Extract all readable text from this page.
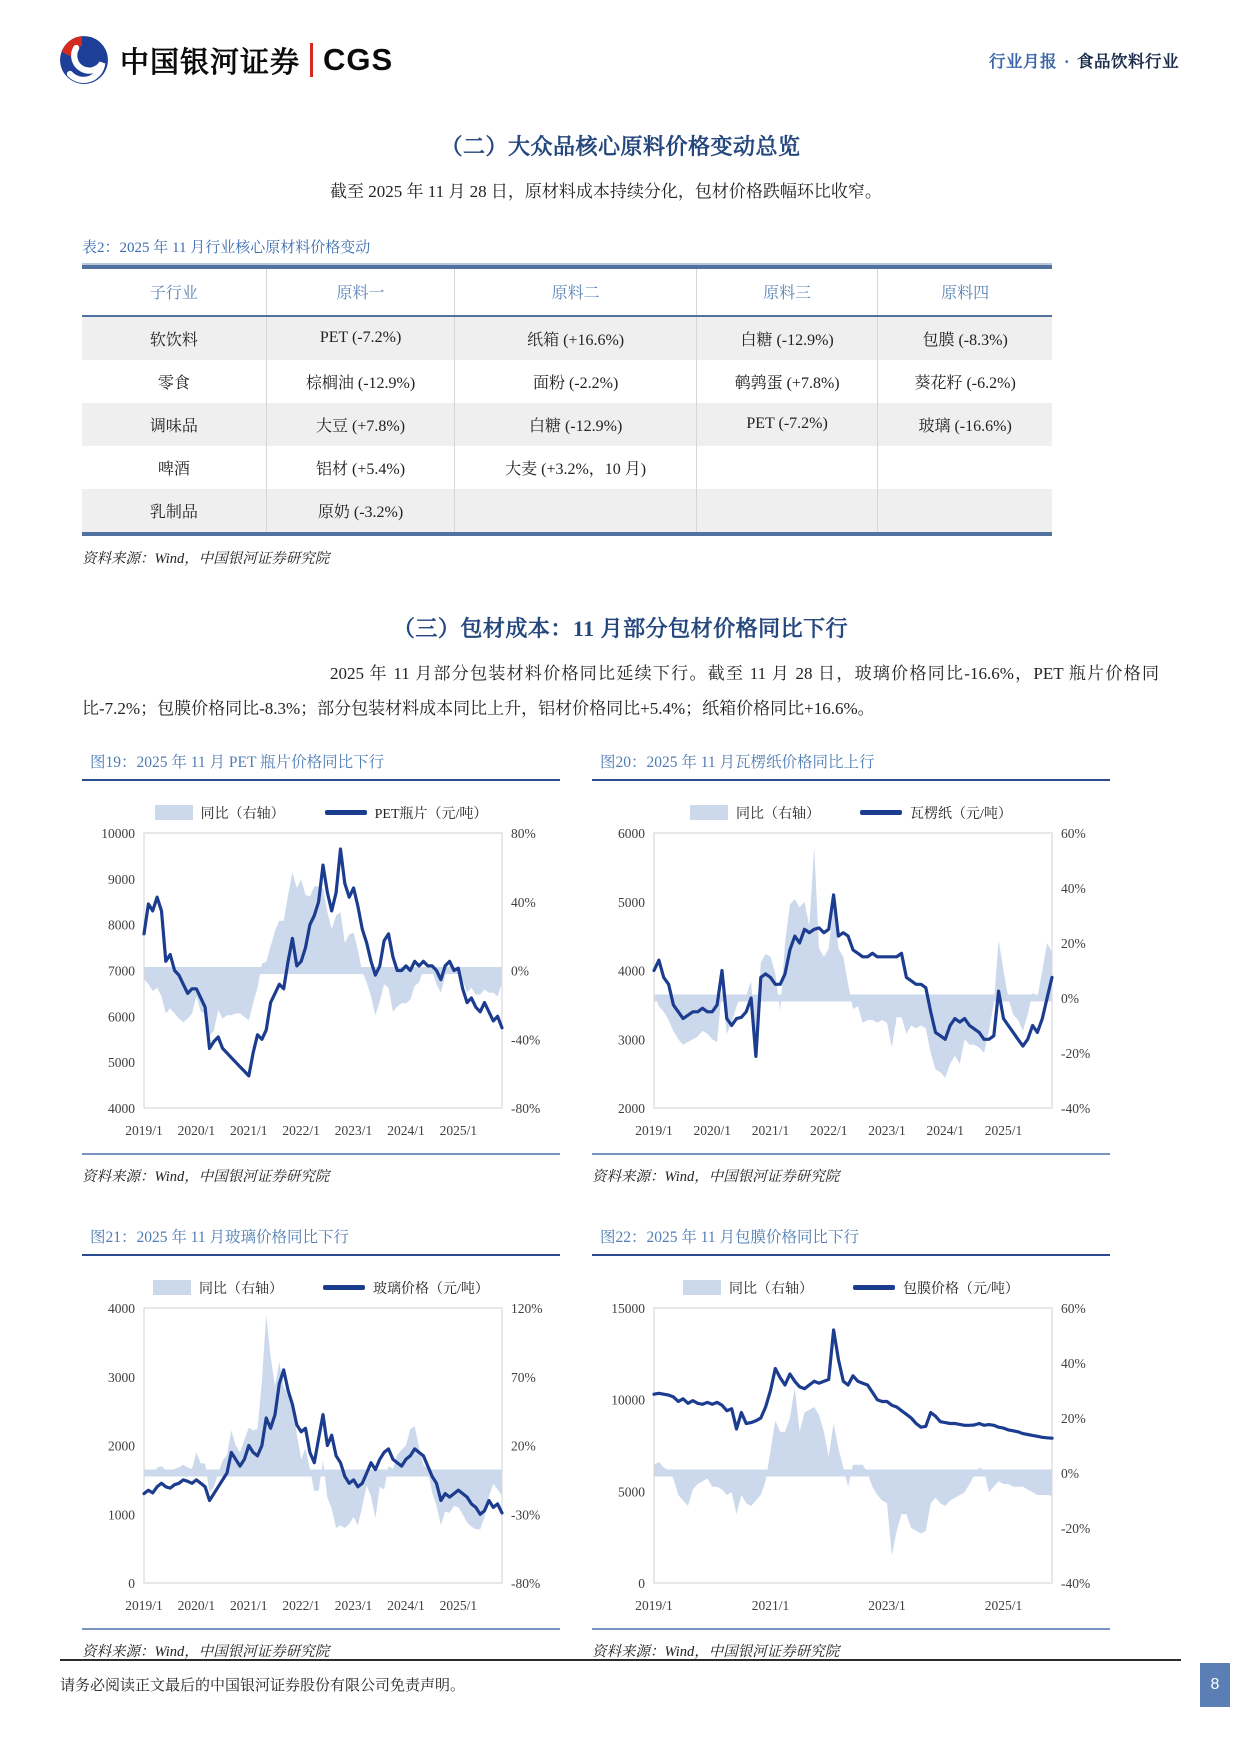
中国银河证券 CGS	行业月报 · 食品饮料行业
（二）大众品核心原料价格变动总览

截至 2025 年 11 月 28 日，原材料成本持续分化，包材价格跌幅环比收窄。

表2：2025 年 11 月行业核心原材料价格变动
子行业	原料一	原料二	原料三	原料四
软饮料	PET (-7.2%)	纸箱 (+16.6%)	白糖 (-12.9%)	包膜 (-8.3%)
零食	棕榈油 (-12.9%)	面粉 (-2.2%)	鹌鹑蛋 (+7.8%)	葵花籽 (-6.2%)
调味品	大豆 (+7.8%)	白糖 (-12.9%)	PET (-7.2%)	玻璃 (-16.6%)
啤酒	铝材 (+5.4%)	大麦 (+3.2%，10 月)		
乳制品	原奶 (-3.2%)			
资料来源：Wind，中国银河证券研究院
（三）包材成本：11 月部分包材价格同比下行

2025 年 11 月部分包装材料价格同比延续下行。截至 11 月 28 日，玻璃价格同比-16.6%，PET 瓶片价格同比-7.2%；包膜价格同比-8.3%；部分包装材料成本同比上升，铝材价格同比+5.4%；纸箱价格同比+16.6%。

图19：2025 年 11 月 PET 瓶片价格同比下行
同比（右轴）	PET瓶片（元/吨）
10000
9000
8000
7000
6000
5000
4000
80%
40%
0%
-40%
-80%
2019/1 2020/1 2021/1 2022/1 2023/1 2024/1 2025/1
资料来源：Wind，中国银河证券研究院
图20：2025 年 11 月瓦楞纸价格同比上行
同比（右轴）	瓦楞纸（元/吨）
6000
5000
4000
3000
2000
60%
40%
20%
0%
-20%
-40%
2019/1 2020/1 2021/1 2022/1 2023/1 2024/1 2025/1
资料来源：Wind，中国银河证券研究院
图21：2025 年 11 月玻璃价格同比下行
同比（右轴）	玻璃价格（元/吨）
4000
3000
2000
1000
0
120%
70%
20%
-30%
-80%
2019/1 2020/1 2021/1 2022/1 2023/1 2024/1 2025/1
资料来源：Wind，中国银河证券研究院
图22：2025 年 11 月包膜价格同比下行
同比（右轴）	包膜价格（元/吨）
15000
10000
5000
0
60%
40%
20%
0%
-20%
-40%
2019/1	2021/1	2023/1	2025/1
资料来源：Wind，中国银河证券研究院
请务必阅读正文最后的中国银河证券股份有限公司免责声明。	8
